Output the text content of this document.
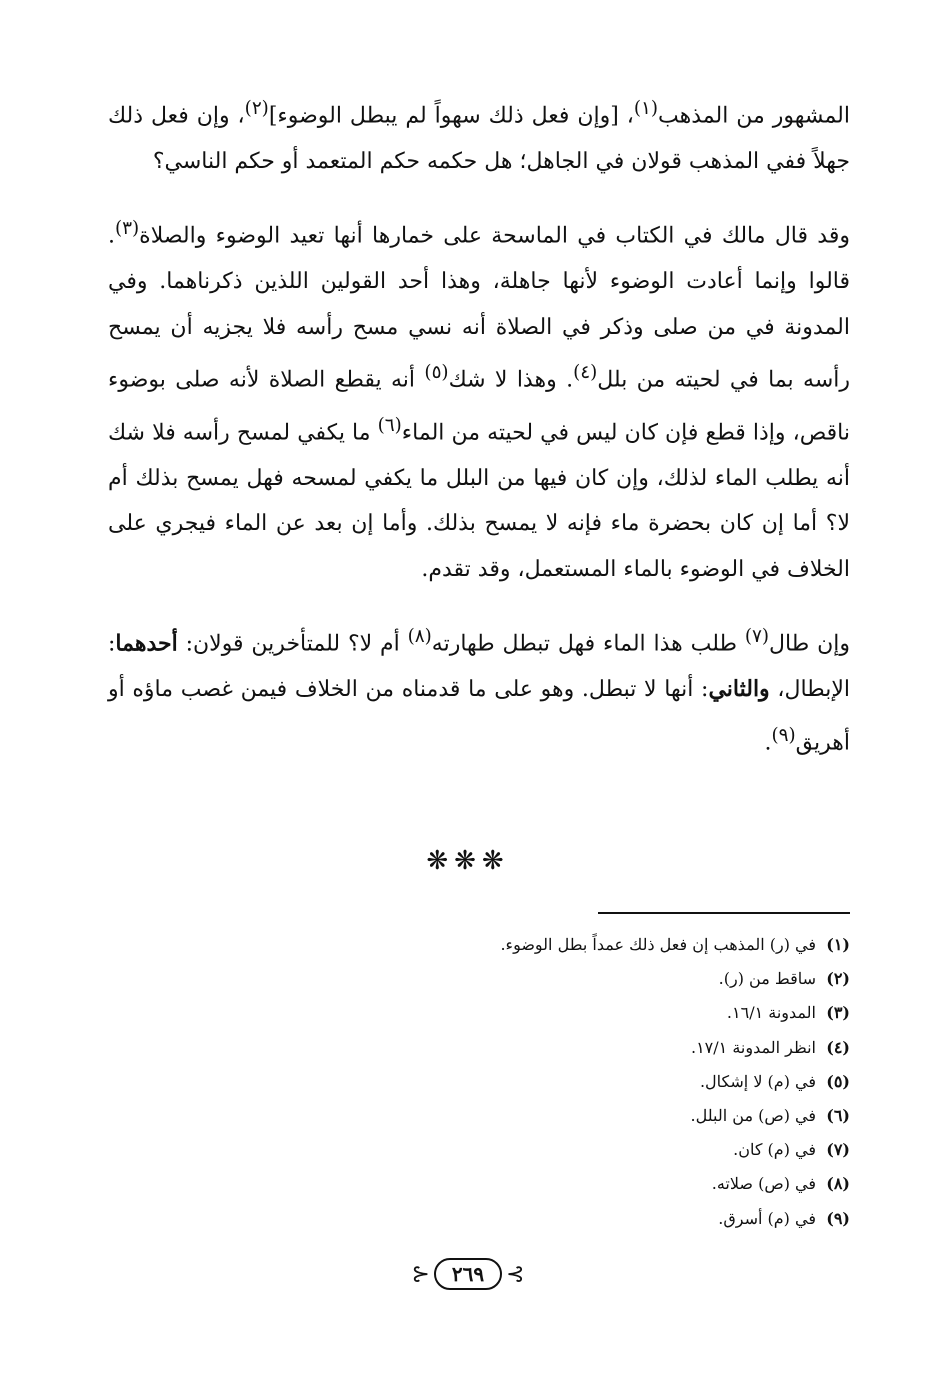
المشهور من المذهب$^{(١)}$، [وإن فعل ذلك سهواً لم يبطل الوضوء]$^{(٢)}$، وإن فعل ذلك جهلاً ففي المذهب قولان في الجاهل؛ هل حكمه حكم المتعمد أو حكم الناسي؟

وقد قال مالك في الكتاب في الماسحة على خمارها أنها تعيد الوضوء والصلاة$^{(٣)}$. قالوا وإنما أعادت الوضوء لأنها جاهلة، وهذا أحد القولين اللذين ذكرناهما. وفي المدونة في من صلى وذكر في الصلاة أنه نسي مسح رأسه فلا يجزيه أن يمسح رأسه بما في لحيته من بلل$^{(٤)}$. وهذا لا شك$^{(٥)}$ أنه يقطع الصلاة لأنه صلى بوضوء ناقص، وإذا قطع فإن كان ليس في لحيته من الماء$^{(٦)}$ ما يكفي لمسح رأسه فلا شك أنه يطلب الماء لذلك، وإن كان فيها من البلل ما يكفي لمسحه فهل يمسح بذلك أم لا؟ أما إن كان بحضرة ماء فإنه لا يمسح بذلك. وأما إن بعد عن الماء فيجري على الخلاف في الوضوء بالماء المستعمل، وقد تقدم.

وإن طال$^{(٧)}$ طلب هذا الماء فهل تبطل طهارته$^{(٨)}$ أم لا؟ للمتأخرين قولان: أحدهما: الإبطال، والثاني: أنها لا تبطل. وهو على ما قدمناه من الخلاف فيمن غصب ماؤه أو أهريق$^{(٩)}$.

❋❋❋
(١)في (ر) المذهب إن فعل ذلك عمداً بطل الوضوء.
(٢)ساقط من (ر).
(٣)المدونة ١٦/١.
(٤)انظر المدونة ١٧/١.
(٥)في (م) لا إشكال.
(٦)في (ص) من البلل.
(٧)في (م) كان.
(٨)في (ص) صلاته.
(٩)في (م) أسرق.
⊱	٢٦٩	⊰
